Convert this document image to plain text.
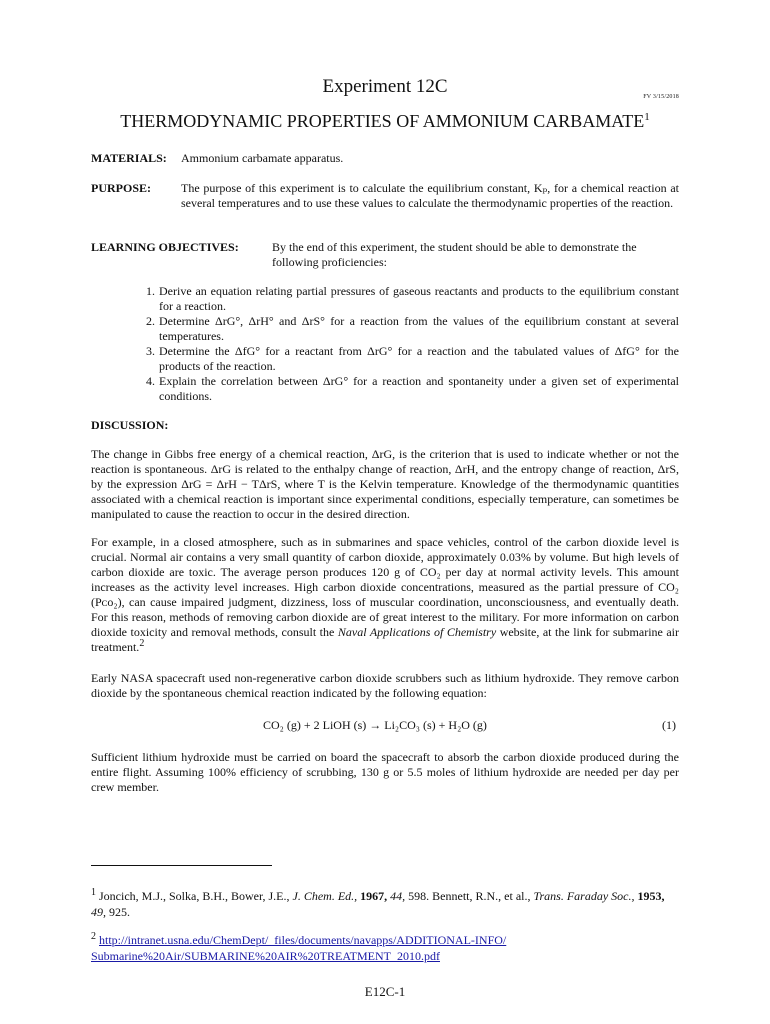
Experiment 12C	FV 3/15/2018
THERMODYNAMIC PROPERTIES OF AMMONIUM CARBAMATE$^1$
MATERIALS: Ammonium carbamate apparatus.
PURPOSE:	The purpose of this experiment is to calculate the equilibrium constant, Kₚ, for a chemical reaction at several temperatures and to use these values to calculate the thermodynamic properties of the reaction.
LEARNING OBJECTIVES:	By the end of this experiment, the student should be able to demonstrate the following proficiencies:
1. Derive an equation relating partial pressures of gaseous reactants and products to the equilibrium constant for a reaction.
2. Determine ΔrG°, ΔrH° and ΔrS° for a reaction from the values of the equilibrium constant at several temperatures.
3. Determine the ΔfG° for a reactant from ΔrG° for a reaction and the tabulated values of ΔfG° for the products of the reaction.
4. Explain the correlation between ΔrG° for a reaction and spontaneity under a given set of experimental conditions.
DISCUSSION:
The change in Gibbs free energy of a chemical reaction, ΔrG, is the criterion that is used to indicate whether or not the reaction is spontaneous. ΔrG is related to the enthalpy change of reaction, ΔrH, and the entropy change of reaction, ΔrS, by the expression ΔrG = ΔrH − TΔrS, where T is the Kelvin temperature. Knowledge of the thermodynamic quantities associated with a chemical reaction is important since experimental conditions, especially temperature, can sometimes be manipulated to cause the reaction to occur in the desired direction.
For example, in a closed atmosphere, such as in submarines and space vehicles, control of the carbon dioxide level is crucial. Normal air contains a very small quantity of carbon dioxide, approximately 0.03% by volume. But high levels of carbon dioxide are toxic. The average person produces 120 g of CO₂ per day at normal activity levels. This amount increases as the activity level increases. High carbon dioxide concentrations, measured as the partial pressure of CO₂ (Pᴄᴏ₂), can cause impaired judgment, dizziness, loss of muscular coordination, unconsciousness, and eventually death. For this reason, methods of removing carbon dioxide are of great interest to the military. For more information on carbon dioxide toxicity and removal methods, consult the Naval Applications of Chemistry website, at the link for submarine air treatment.$^2$
Early NASA spacecraft used non-regenerative carbon dioxide scrubbers such as lithium hydroxide. They remove carbon dioxide by the spontaneous chemical reaction indicated by the following equation:
CO₂ (g) + 2 LiOH (s) → Li₂CO₃ (s) + H₂O (g)	(1)
Sufficient lithium hydroxide must be carried on board the spacecraft to absorb the carbon dioxide produced during the entire flight. Assuming 100% efficiency of scrubbing, 130 g or 5.5 moles of lithium hydroxide are needed per day per crew member.
$^1$ Joncich, M.J., Solka, B.H., Bower, J.E., J. Chem. Ed., 1967, 44, 598. Bennett, R.N., et al., Trans. Faraday Soc., 1953, 49, 925.
$^2$ http://intranet.usna.edu/ChemDept/_files/documents/navapps/ADDITIONAL-INFO/Submarine%20Air/SUBMARINE%20AIR%20TREATMENT_2010.pdf
E12C-1
